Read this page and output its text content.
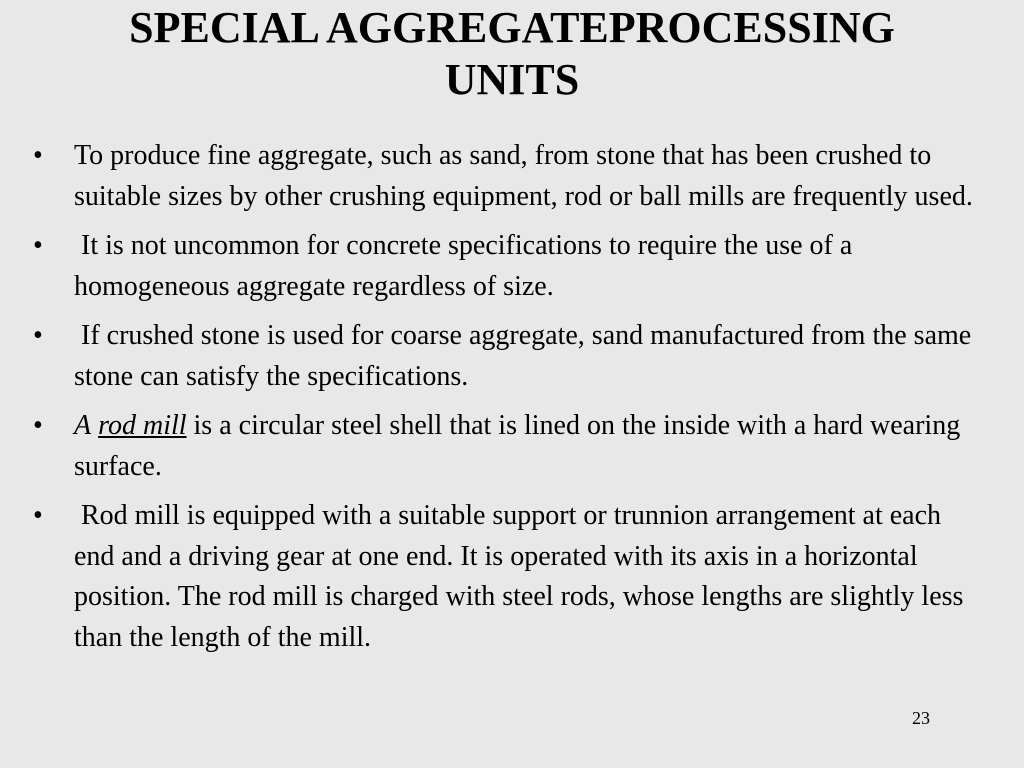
SPECIAL AGGREGATEPROCESSING
UNITS
• To produce fine aggregate, such as sand, from stone that has been crushed to suitable sizes by other crushing equipment, rod or ball mills are frequently used.
• It is not uncommon for concrete specifications to require the use of a homogeneous aggregate regardless of size.
• If crushed stone is used for coarse aggregate, sand manufactured from the same stone can satisfy the specifications.
• A rod mill is a circular steel shell that is lined on the inside with a hard wearing surface.
• Rod mill is equipped with a suitable support or trunnion arrangement at each end and a driving gear at one end. It is operated with its axis in a horizontal position. The rod mill is charged with steel rods, whose lengths are slightly less than the length of the mill.
23
